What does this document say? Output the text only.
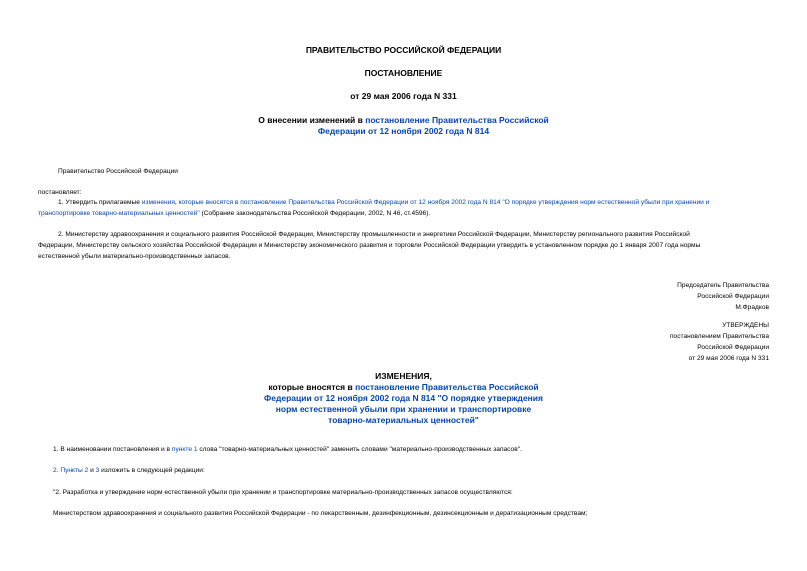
ПРАВИТЕЛЬСТВО РОССИЙСКОЙ ФЕДЕРАЦИИ
ПОСТАНОВЛЕНИЕ
от 29 мая 2006 года N 331
О внесении изменений в постановление Правительства Российской
Федерации от 12 ноября 2002 года N 814
Правительство Российской Федерации
постановляет:
1. Утвердить прилагаемые изменения, которые вносятся в постановление Правительства Российской Федерации от 12 ноября 2002 года N 814 "О порядке утверждения норм естественной убыли при хранении и
транспортировке товарно-материальных ценностей" (Собрание законодательства Российской Федерации, 2002, N 46, ст.4596).
2. Министерству здравоохранения и социального развития Российской Федерации, Министерству промышленности и энергетики Российской Федерации, Министерству регионального развития Российской
Федерации, Министерству сельского хозяйства Российской Федерации и Министерству экономического развития и торговли Российской Федерации утвердить в установленном порядке до 1 января 2007 года нормы
естественной убыли материально-производственных запасов.
Председатель Правительства
Российской Федерации
М.Фрадков
УТВЕРЖДЕНЫ
постановлением Правительства
Российской Федерации
от 29 мая 2006 года N 331
ИЗМЕНЕНИЯ,
которые вносятся в постановление Правительства Российской
Федерации от 12 ноября 2002 года N 814 "О порядке утверждения
норм естественной убыли при хранении и транспортировке
товарно-материальных ценностей"
1. В наименовании постановления и в пункте 1 слова "товарно-материальных ценностей" заменить словами "материально-производственных запасов".
2. Пункты 2 и 3 изложить в следующей редакции:
"2. Разработка и утверждение норм естественной убыли при хранении и транспортировке материально-производственных запасов осуществляются:
Министерством здравоохранения и социального развития Российской Федерации - по лекарственным, дезинфекционным, дезинсекционным и дератизационным средствам;
